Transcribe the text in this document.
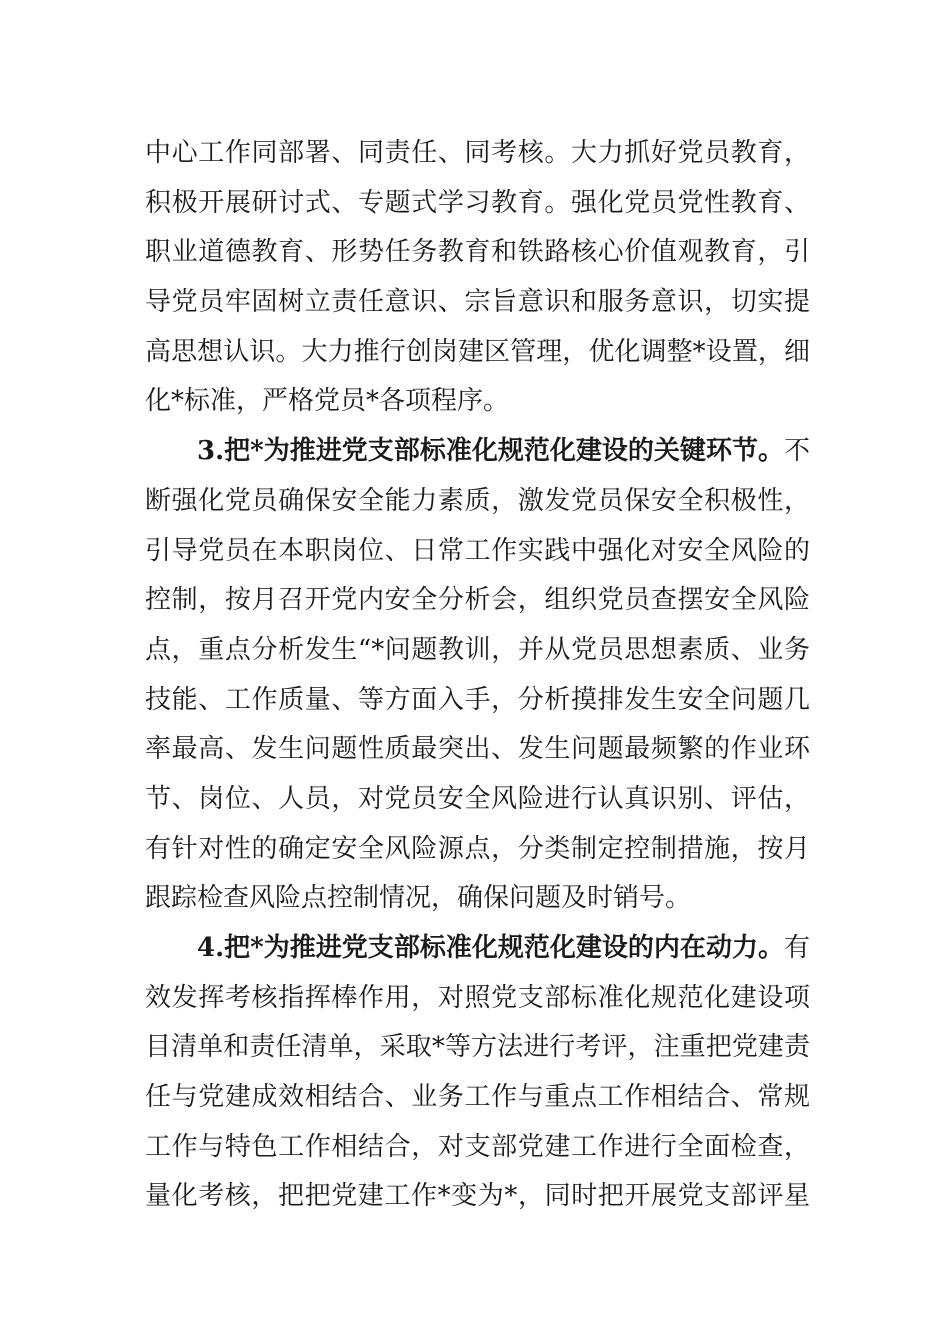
中心工作同部署、同责任、同考核。大力抓好党员教育，
积极开展研讨式、专题式学习教育。强化党员党性教育、
职业道德教育、形势任务教育和铁路核心价值观教育，引
导党员牢固树立责任意识、宗旨意识和服务意识，切实提
高思想认识。大力推行创岗建区管理，优化调整*设置，细
化*标准，严格党员*各项程序。
3.把*为推进党支部标准化规范化建设的关键环节。不
断强化党员确保安全能力素质，激发党员保安全积极性，
引导党员在本职岗位、日常工作实践中强化对安全风险的
控制，按月召开党内安全分析会，组织党员查摆安全风险
点，重点分析发生“*问题教训，并从党员思想素质、业务
技能、工作质量、等方面入手，分析摸排发生安全问题几
率最高、发生问题性质最突出、发生问题最频繁的作业环
节、岗位、人员，对党员安全风险进行认真识别、评估，
有针对性的确定安全风险源点，分类制定控制措施，按月
跟踪检查风险点控制情况，确保问题及时销号。
4.把*为推进党支部标准化规范化建设的内在动力。有
效发挥考核指挥棒作用，对照党支部标准化规范化建设项
目清单和责任清单，采取*等方法进行考评，注重把党建责
任与党建成效相结合、业务工作与重点工作相结合、常规
工作与特色工作相结合，对支部党建工作进行全面检查，
量化考核，把把党建工作*变为*，同时把开展党支部评星
